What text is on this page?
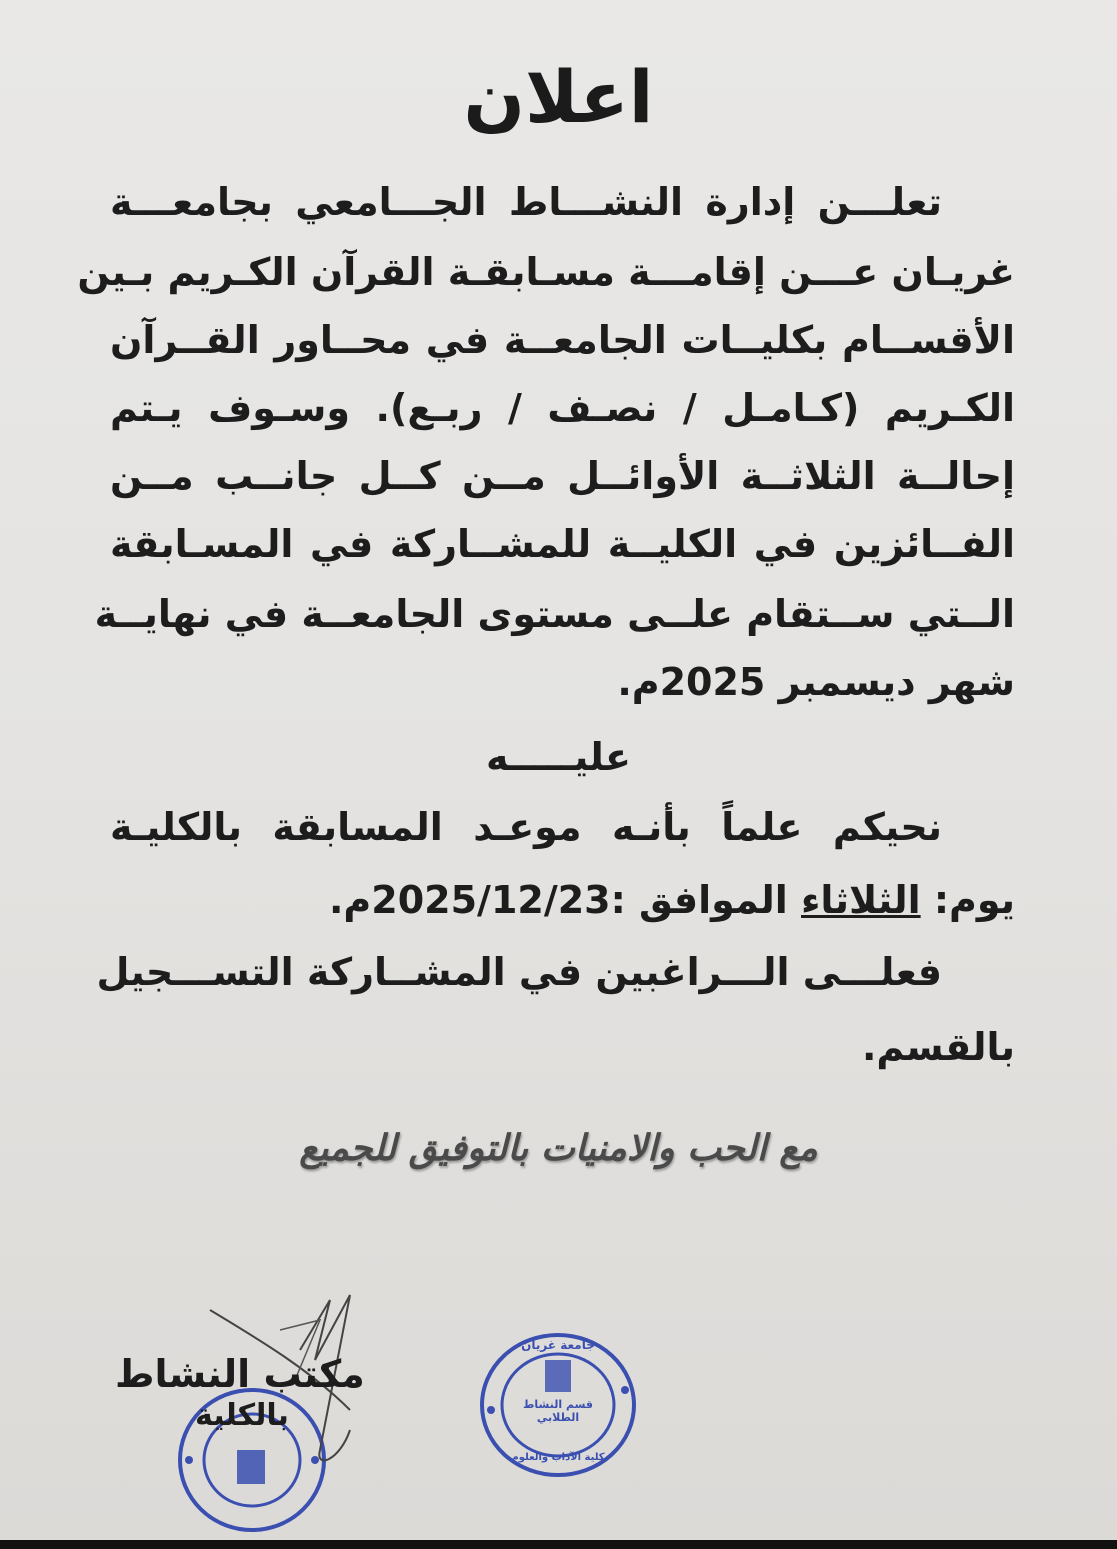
اعلان
تعلـــن إدارة النشـــاط الجـــامعي بجامعـــة
غريـان عـــن إقامـــة مسـابقـة القرآن الكـريم بـين
الأقســام بكليــات الجامعــة في محــاور القــرآن
الكـريم (كـامـل / نصـف / ربـع). وسـوف يـتم
إحالــة الثلاثــة الأوائــل مــن كــل جانــب مــن
الفــائزين في الكليــة للمشــاركة في المسـابقة
الــتي ســتقام علــى مستوى الجامعــة في نهايــة
شهر ديسمبر 2025م.
عليـــــه
نحيكم علماً بأنـه موعـد المسابقة بالكليـة
يوم: الثلاثاء الموافق :2025/12/23م.
فعلـــى الـــراغبين في المشــاركة التســـجيل
بالقسم.
مع الحب والامنيات بالتوفيق للجميع
مكتب النشاط
بالكلية
جامعة غريان
قسم النشاط الطلابي
كلية الآداب والعلوم
